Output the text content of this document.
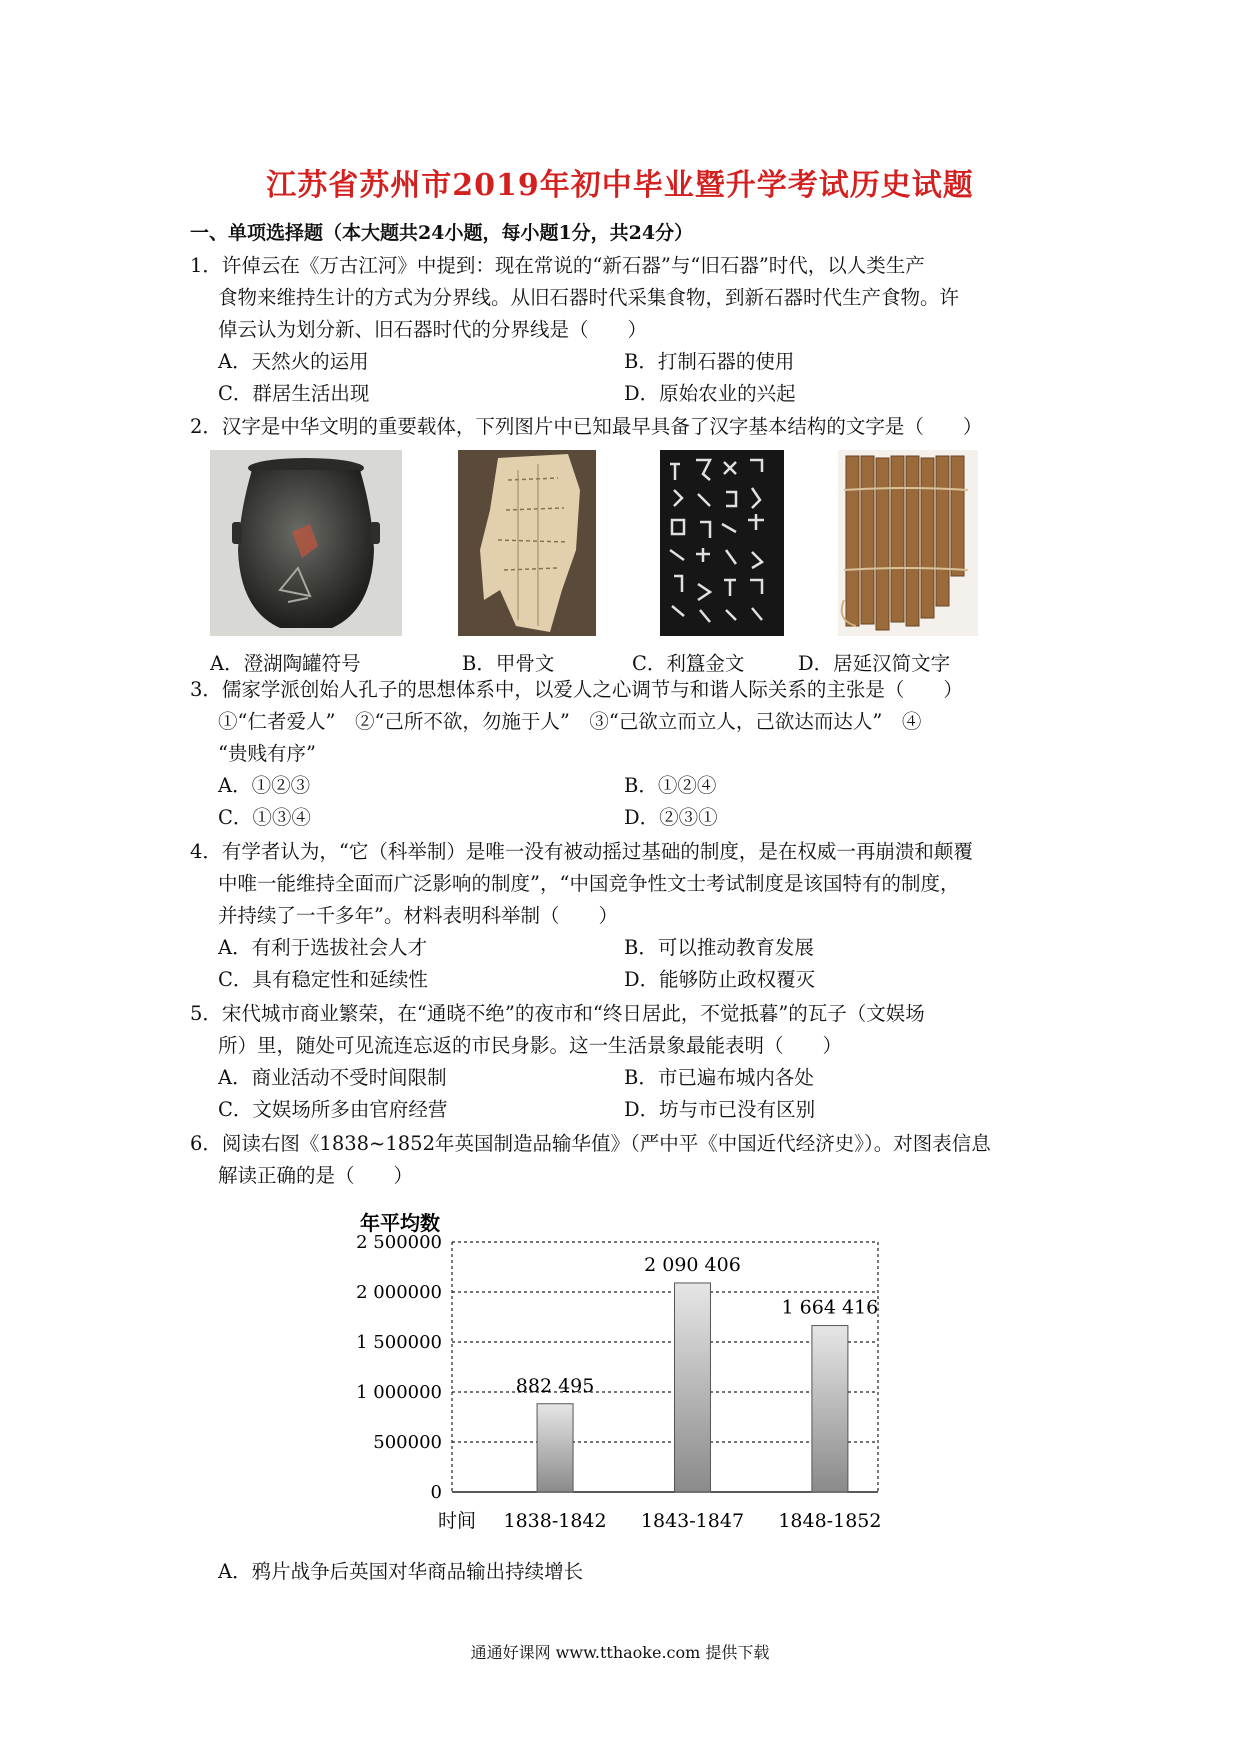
江苏省苏州市2019年初中毕业暨升学考试历史试题
一、单项选择题（本大题共24小题，每小题1分，共24分）
1．许倬云在《万古江河》中提到：现在常说的“新石器”与“旧石器”时代，以人类生产
食物来维持生计的方式为分界线。从旧石器时代采集食物，到新石器时代生产食物。许
倬云认为划分新、旧石器时代的分界线是（　　）
A．天然火的运用	B．打制石器的使用
C．群居生活出现	D．原始农业的兴起
2．汉字是中华文明的重要载体，下列图片中已知最早具备了汉字基本结构的文字是（　　）
A．澄湖陶罐符号	B．甲骨文	C．利簋金文	D．居延汉简文字
3．儒家学派创始人孔子的思想体系中，以爱人之心调节与和谐人际关系的主张是（　　）
①“仁者爱人”　②“己所不欲，勿施于人”　③“己欲立而立人，己欲达而达人”　④
“贵贱有序”
A．①②③	B．①②④
C．①③④	D．②③①
4．有学者认为，“它（科举制）是唯一没有被动摇过基础的制度，是在权威一再崩溃和颠覆
中唯一能维持全面而广泛影响的制度”，“中国竞争性文士考试制度是该国特有的制度，
并持续了一千多年”。材料表明科举制（　　）
A．有利于选拔社会人才	B．可以推动教育发展
C．具有稳定性和延续性	D．能够防止政权覆灭
5．宋代城市商业繁荣，在“通晓不绝”的夜市和“终日居此，不觉抵暮”的瓦子（文娱场
所）里，随处可见流连忘返的市民身影。这一生活景象最能表明（　　）
A．商业活动不受时间限制	B．市已遍布城内各处
C．文娱场所多由官府经营	D．坊与市已没有区别
6．阅读右图《1838~1852年英国制造品输华值》（严中平《中国近代经济史》）。对图表信息
解读正确的是（　　）
年平均数
时间
0
500000
1 000000
1 500000
2 000000
2 500000
882 495
1838-1842
2 090 406
1843-1847
1 664 416
1848-1852
A．鸦片战争后英国对华商品输出持续增长
通通好课网 www.tthaoke.com 提供下载
